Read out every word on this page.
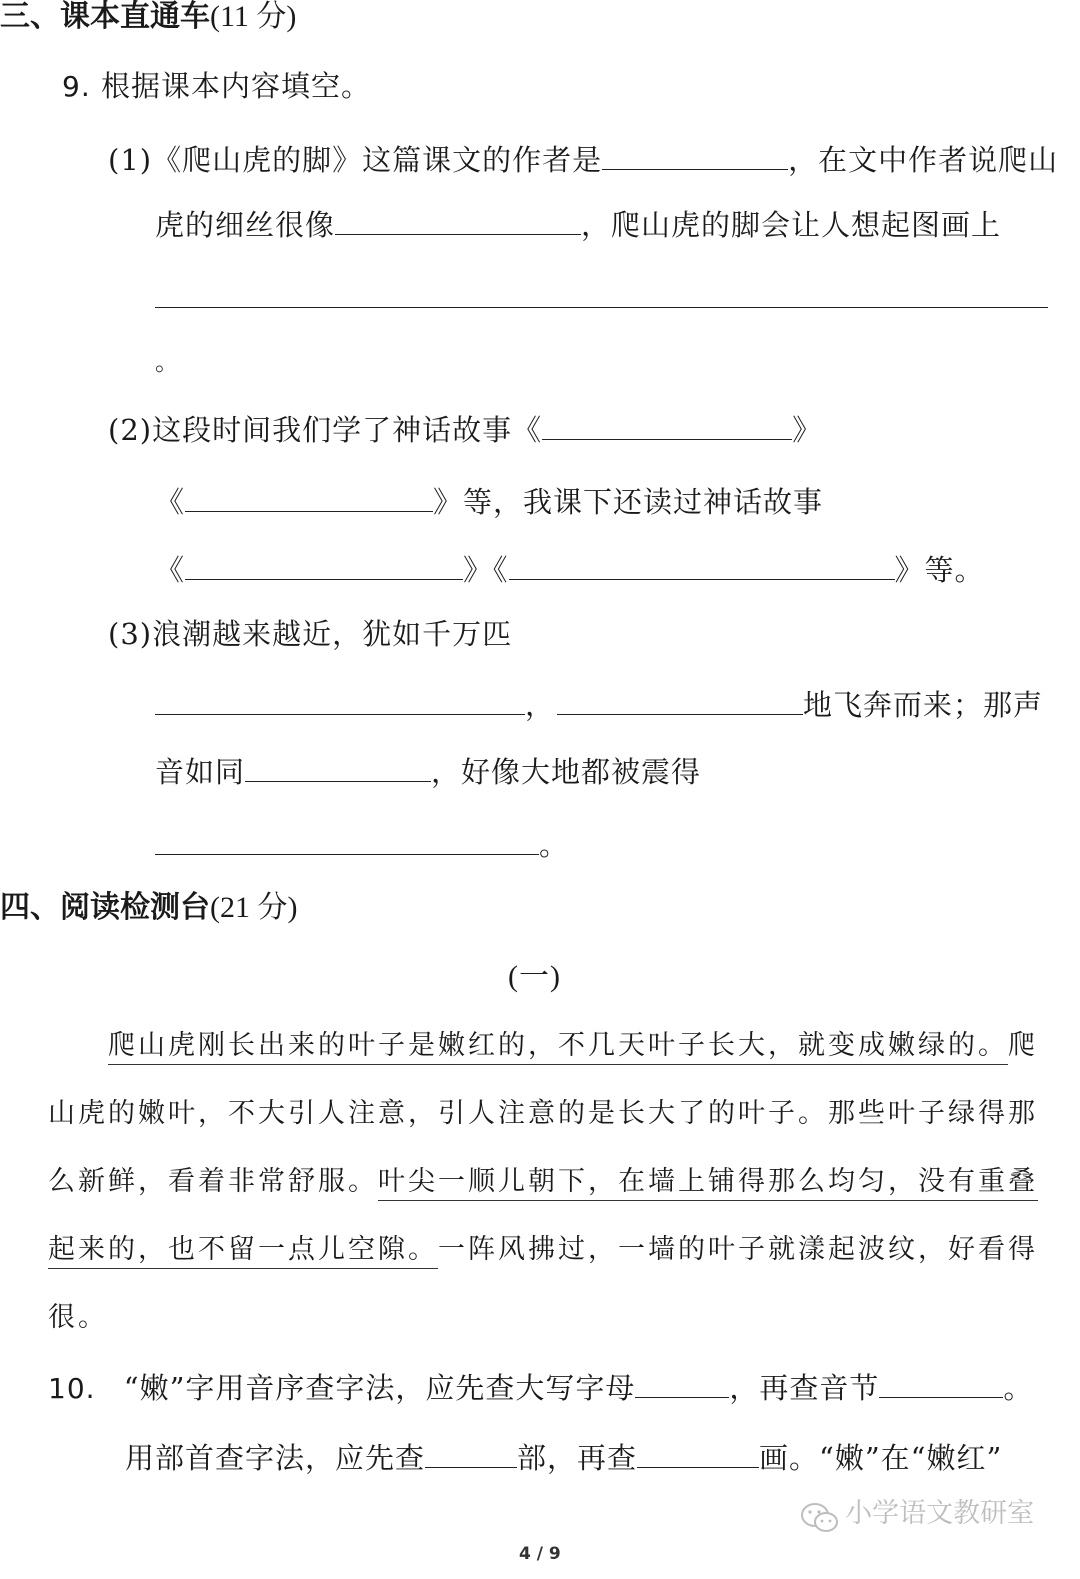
三、课本直通车(11 分)
9. 根据课本内容填空。
(1)《爬山虎的脚》这篇课文的作者是	，在文中作者说爬山
虎的细丝很像	，爬山虎的脚会让人想起图画上
。
(2)这段时间我们学了神话故事《	》
《	》等，我课下还读过神话故事
《	》《	》等。
(3)浪潮越来越近，犹如千万匹
，	地飞奔而来；那声
音如同	，好像大地都被震得
。
四、阅读检测台(21 分)
(一)
爬山虎刚长出来的叶子是嫩红的，不几天叶子长大，就变成嫩绿的。爬
山虎的嫩叶，不大引人注意，引人注意的是长大了的叶子。那些叶子绿得那
么新鲜，看着非常舒服。叶尖一顺儿朝下，在墙上铺得那么均匀，没有重叠
起来的，也不留一点儿空隙。一阵风拂过，一墙的叶子就漾起波纹，好看得
很。
10. “嫩”字用音序查字法，应先查大写字母	，再查音节	。
用部首查字法，应先查	部，再查	画。“嫩”在“嫩红”
小学语文教研室
4 / 9
